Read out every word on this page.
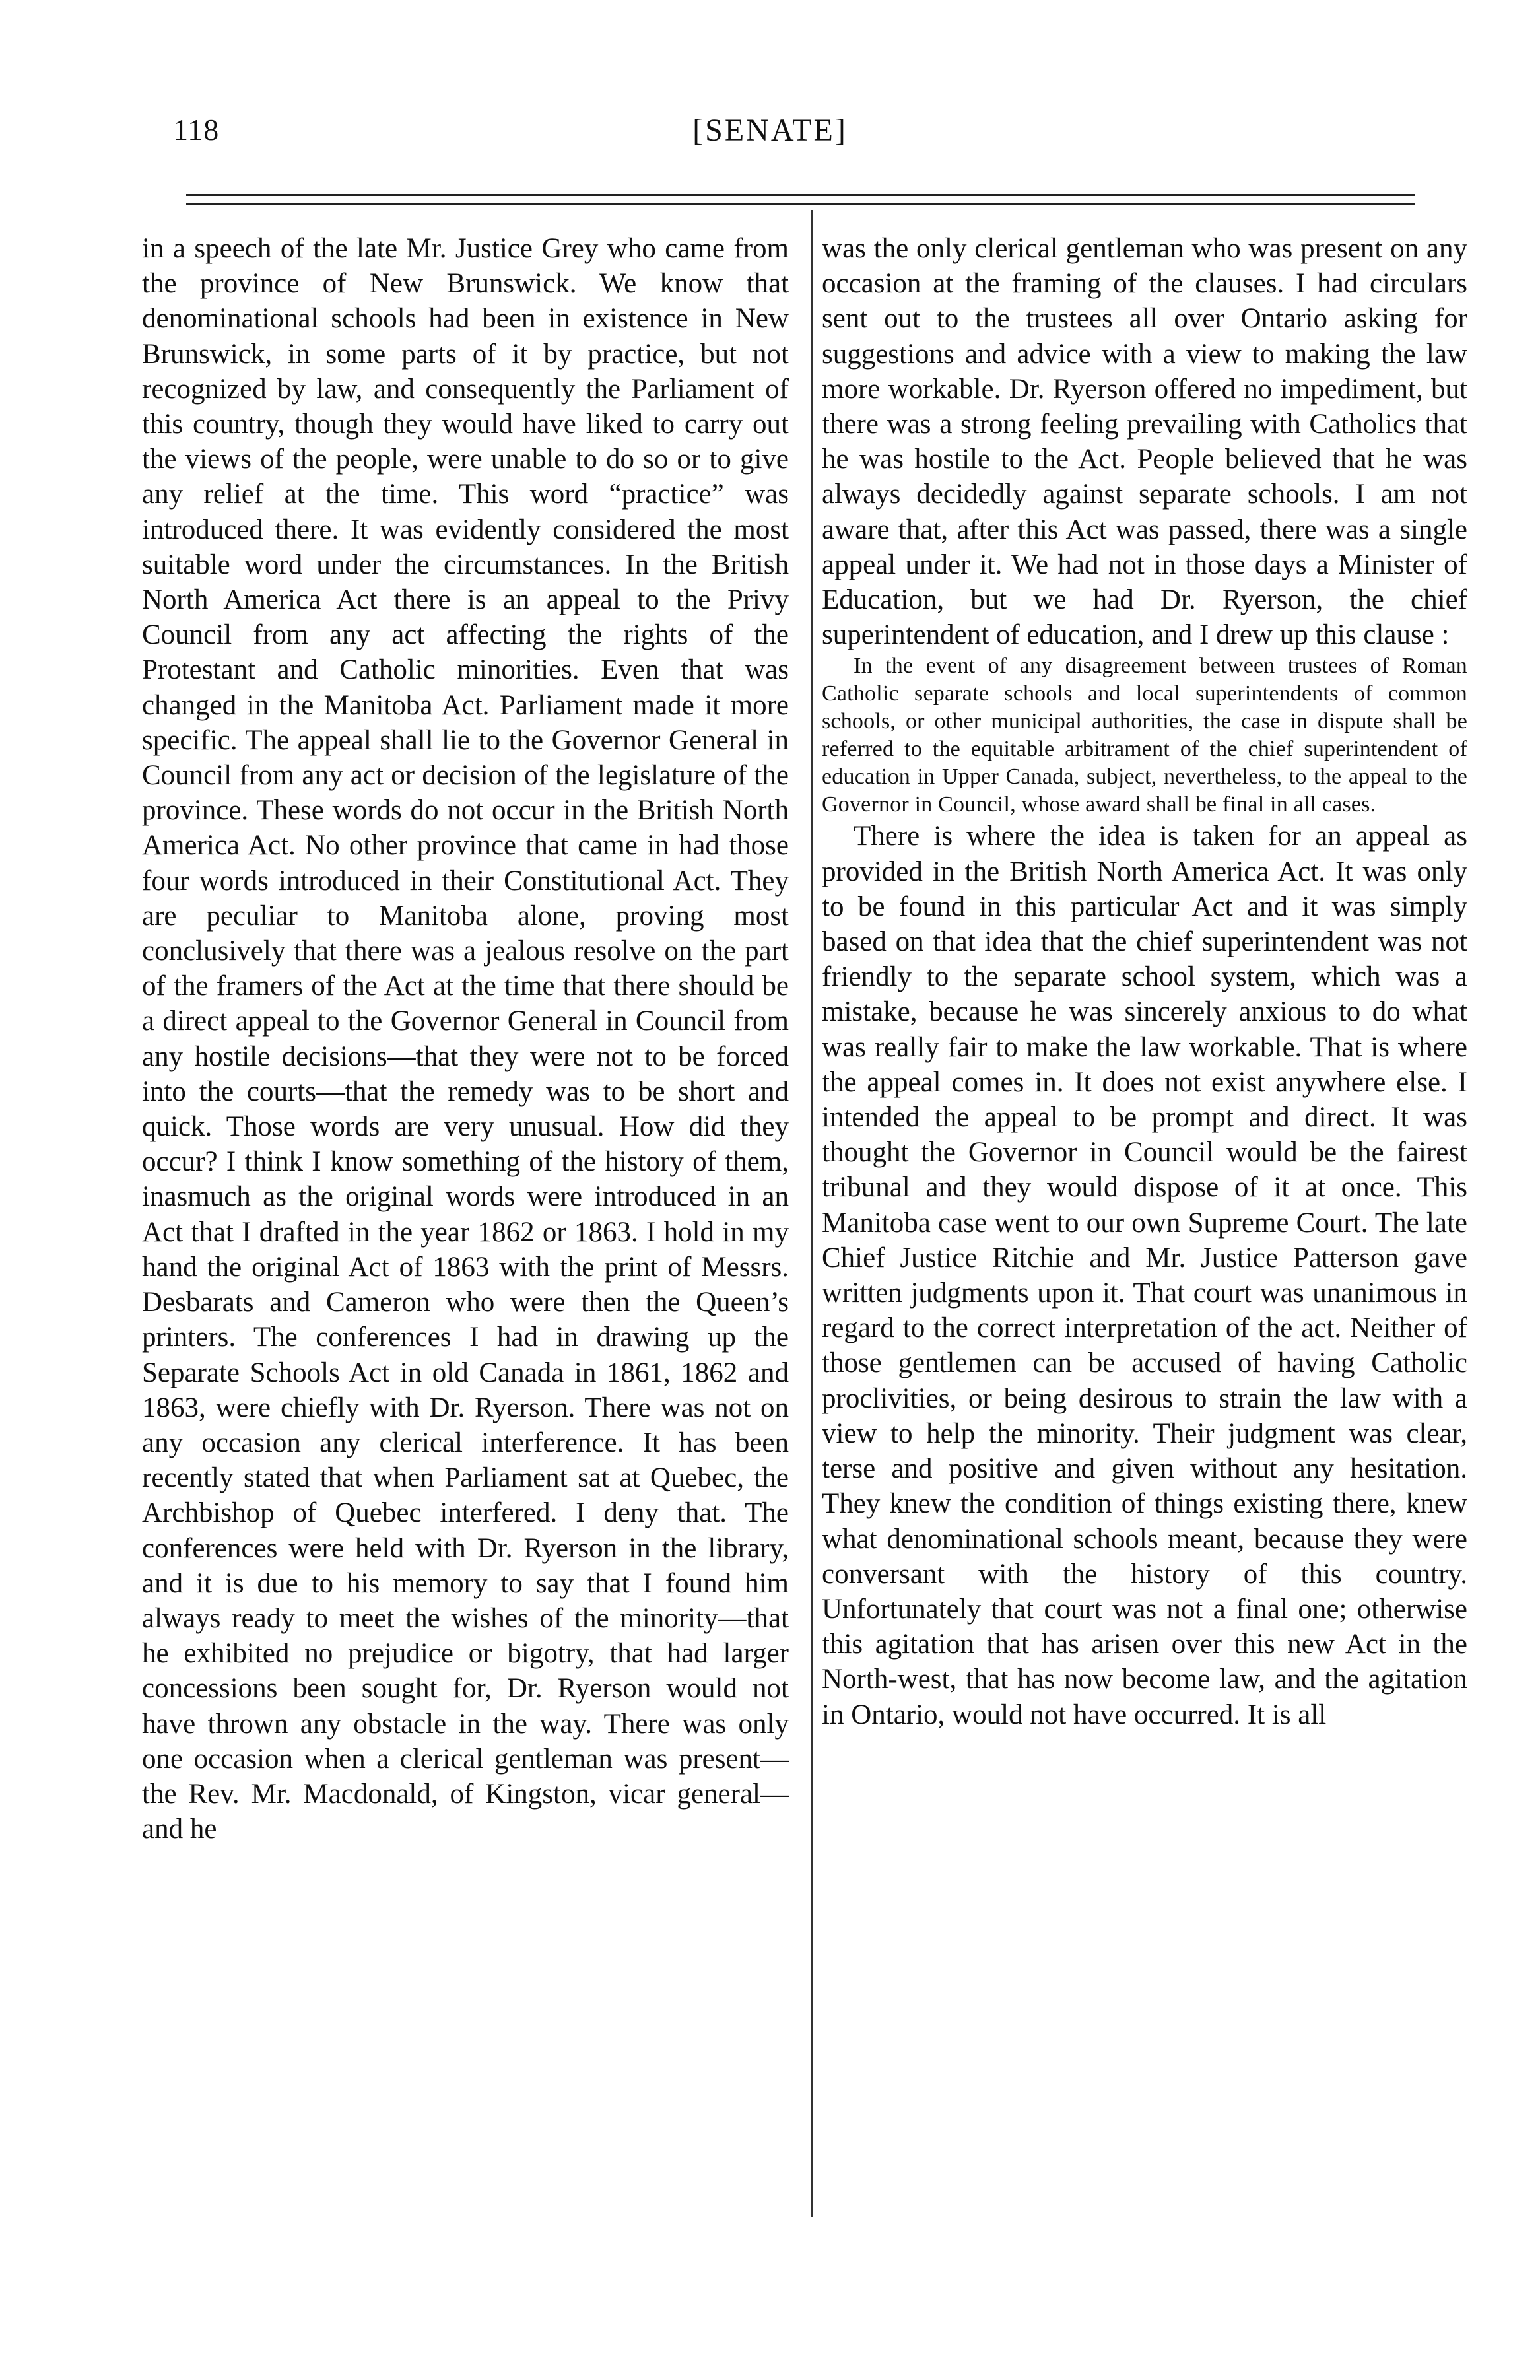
118	[SENATE]

in a speech of the late Mr. Justice Grey who came from the province of New Brunswick. We know that denominational schools had been in existence in New Brunswick, in some parts of it by practice, but not recognized by law, and consequently the Parliament of this country, though they would have liked to carry out the views of the people, were unable to do so or to give any relief at the time. This word “practice” was introduced there. It was evidently considered the most suitable word under the circumstances. In the British North America Act there is an appeal to the Privy Council from any act affecting the rights of the Protestant and Catholic minorities. Even that was changed in the Manitoba Act. Parliament made it more specific. The appeal shall lie to the Governor General in Council from any act or decision of the legislature of the province. These words do not occur in the British North America Act. No other province that came in had those four words introduced in their Constitutional Act. They are peculiar to Manitoba alone, proving most conclusively that there was a jealous resolve on the part of the framers of the Act at the time that there should be a direct appeal to the Governor General in Council from any hostile decisions—that they were not to be forced into the courts—that the remedy was to be short and quick. Those words are very unusual. How did they occur? I think I know something of the history of them, inasmuch as the original words were introduced in an Act that I drafted in the year 1862 or 1863. I hold in my hand the original Act of 1863 with the print of Messrs. Desbarats and Cameron who were then the Queen’s printers. The conferences I had in drawing up the Separate Schools Act in old Canada in 1861, 1862 and 1863, were chiefly with Dr. Ryerson. There was not on any occasion any clerical interference. It has been recently stated that when Parliament sat at Quebec, the Archbishop of Quebec interfered. I deny that. The conferences were held with Dr. Ryerson in the library, and it is due to his memory to say that I found him always ready to meet the wishes of the minority—that he exhibited no prejudice or bigotry, that had larger concessions been sought for, Dr. Ryerson would not have thrown any obstacle in the way. There was only one occasion when a clerical gentleman was present—the Rev. Mr. Macdonald, of Kingston, vicar general—and he

was the only clerical gentleman who was present on any occasion at the framing of the clauses. I had circulars sent out to the trustees all over Ontario asking for suggestions and advice with a view to making the law more workable. Dr. Ryerson offered no impediment, but there was a strong feeling prevailing with Catholics that he was hostile to the Act. People believed that he was always decidedly against separate schools. I am not aware that, after this Act was passed, there was a single appeal under it. We had not in those days a Minister of Education, but we had Dr. Ryerson, the chief superintendent of education, and I drew up this clause :

In the event of any disagreement between trustees of Roman Catholic separate schools and local superintendents of common schools, or other municipal authorities, the case in dispute shall be referred to the equitable arbitrament of the chief superintendent of education in Upper Canada, subject, nevertheless, to the appeal to the Governor in Council, whose award shall be final in all cases.

There is where the idea is taken for an appeal as provided in the British North America Act. It was only to be found in this particular Act and it was simply based on that idea that the chief superintendent was not friendly to the separate school system, which was a mistake, because he was sincerely anxious to do what was really fair to make the law workable. That is where the appeal comes in. It does not exist anywhere else. I intended the appeal to be prompt and direct. It was thought the Governor in Council would be the fairest tribunal and they would dispose of it at once. This Manitoba case went to our own Supreme Court. The late Chief Justice Ritchie and Mr. Justice Patterson gave written judgments upon it. That court was unanimous in regard to the correct interpretation of the act. Neither of those gentlemen can be accused of having Catholic proclivities, or being desirous to strain the law with a view to help the minority. Their judgment was clear, terse and positive and given without any hesitation. They knew the condition of things existing there, knew what denominational schools meant, because they were conversant with the history of this country. Unfortunately that court was not a final one; otherwise this agitation that has arisen over this new Act in the North-west, that has now become law, and the agitation in Ontario, would not have occurred. It is all
